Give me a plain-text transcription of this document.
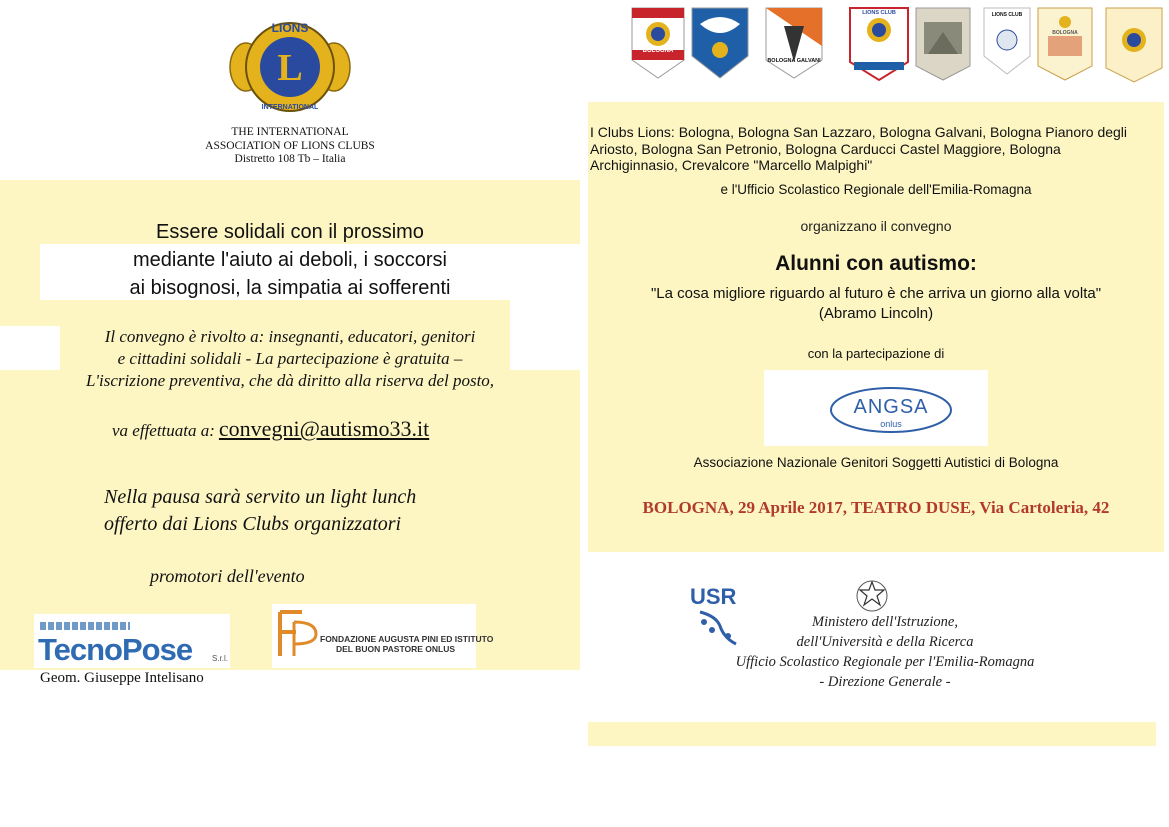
L
LIONS
INTERNATIONAL
THE INTERNATIONAL
ASSOCIATION OF LIONS CLUBS
Distretto 108 Tb – Italia
Essere solidali con il prossimo
mediante l'aiuto ai deboli, i soccorsi
ai bisognosi, la simpatia ai sofferenti
Il convegno è rivolto a: insegnanti, educatori, genitori
e cittadini solidali - La partecipazione è gratuita –
L'iscrizione preventiva, che dà diritto alla riserva del posto,
va effettuata a: convegni@autismo33.it
Nella pausa sarà servito un light lunch
offerto dai Lions Clubs organizzatori
promotori dell'evento
TecnoPose S.r.l.
Geom. Giuseppe Intelisano
FONDAZIONE AUGUSTA PINI ED ISTITUTO
DEL BUON PASTORE ONLUS
BOLOGNA
BOLOGNA GALVANI
LIONS CLUB	LIONS CLUB
BOLOGNA
I Clubs Lions: Bologna, Bologna San Lazzaro, Bologna Galvani, Bologna Pianoro degli
Ariosto, Bologna San Petronio, Bologna Carducci Castel Maggiore, Bologna
Archiginnasio, Crevalcore "Marcello Malpighi"
e l'Ufficio Scolastico Regionale dell'Emilia-Romagna
organizzano il convegno
Alunni con autismo:
"La cosa migliore riguardo al futuro è che arriva un giorno alla volta"
(Abramo Lincoln)
con la partecipazione di
ANGSA
onlus
Associazione Nazionale Genitori Soggetti Autistici di Bologna
BOLOGNA, 29 Aprile 2017, TEATRO DUSE, Via Cartoleria, 42
USR
Ministero dell'Istruzione,
dell'Università e della Ricerca
Ufficio Scolastico Regionale per l'Emilia-Romagna
- Direzione Generale -
